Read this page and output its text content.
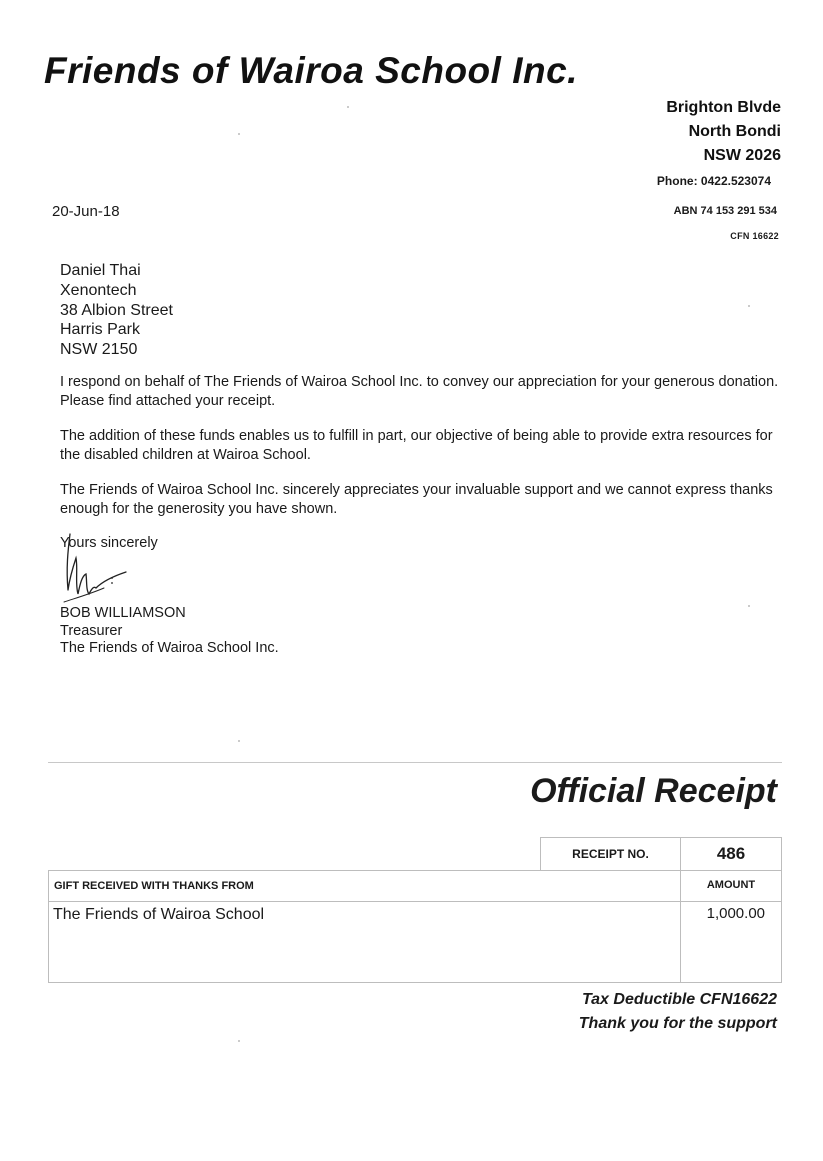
Friends of Wairoa School Inc.
Brighton Blvde
North Bondi
NSW 2026
Phone: 0422.523074
ABN 74 153 291 534
CFN 16622
20-Jun-18
Daniel Thai
Xenontech
38 Albion Street
Harris Park
NSW 2150
I respond on behalf of The Friends of Wairoa School Inc. to convey our appreciation for your generous donation. Please find attached your receipt.
The addition of these funds enables us to fulfill in part, our objective of being able to provide extra resources for the disabled children at Wairoa School.
The Friends of Wairoa School Inc. sincerely appreciates your invaluable support and we cannot express thanks enough for the generosity you have shown.
Yours sincerely
BOB WILLIAMSON
Treasurer
The Friends of Wairoa School Inc.
Official Receipt
RECEIPT NO.	486
GIFT RECEIVED WITH THANKS FROM	AMOUNT
The Friends of Wairoa School	1,000.00
Tax Deductible CFN16622
Thank you for the support
